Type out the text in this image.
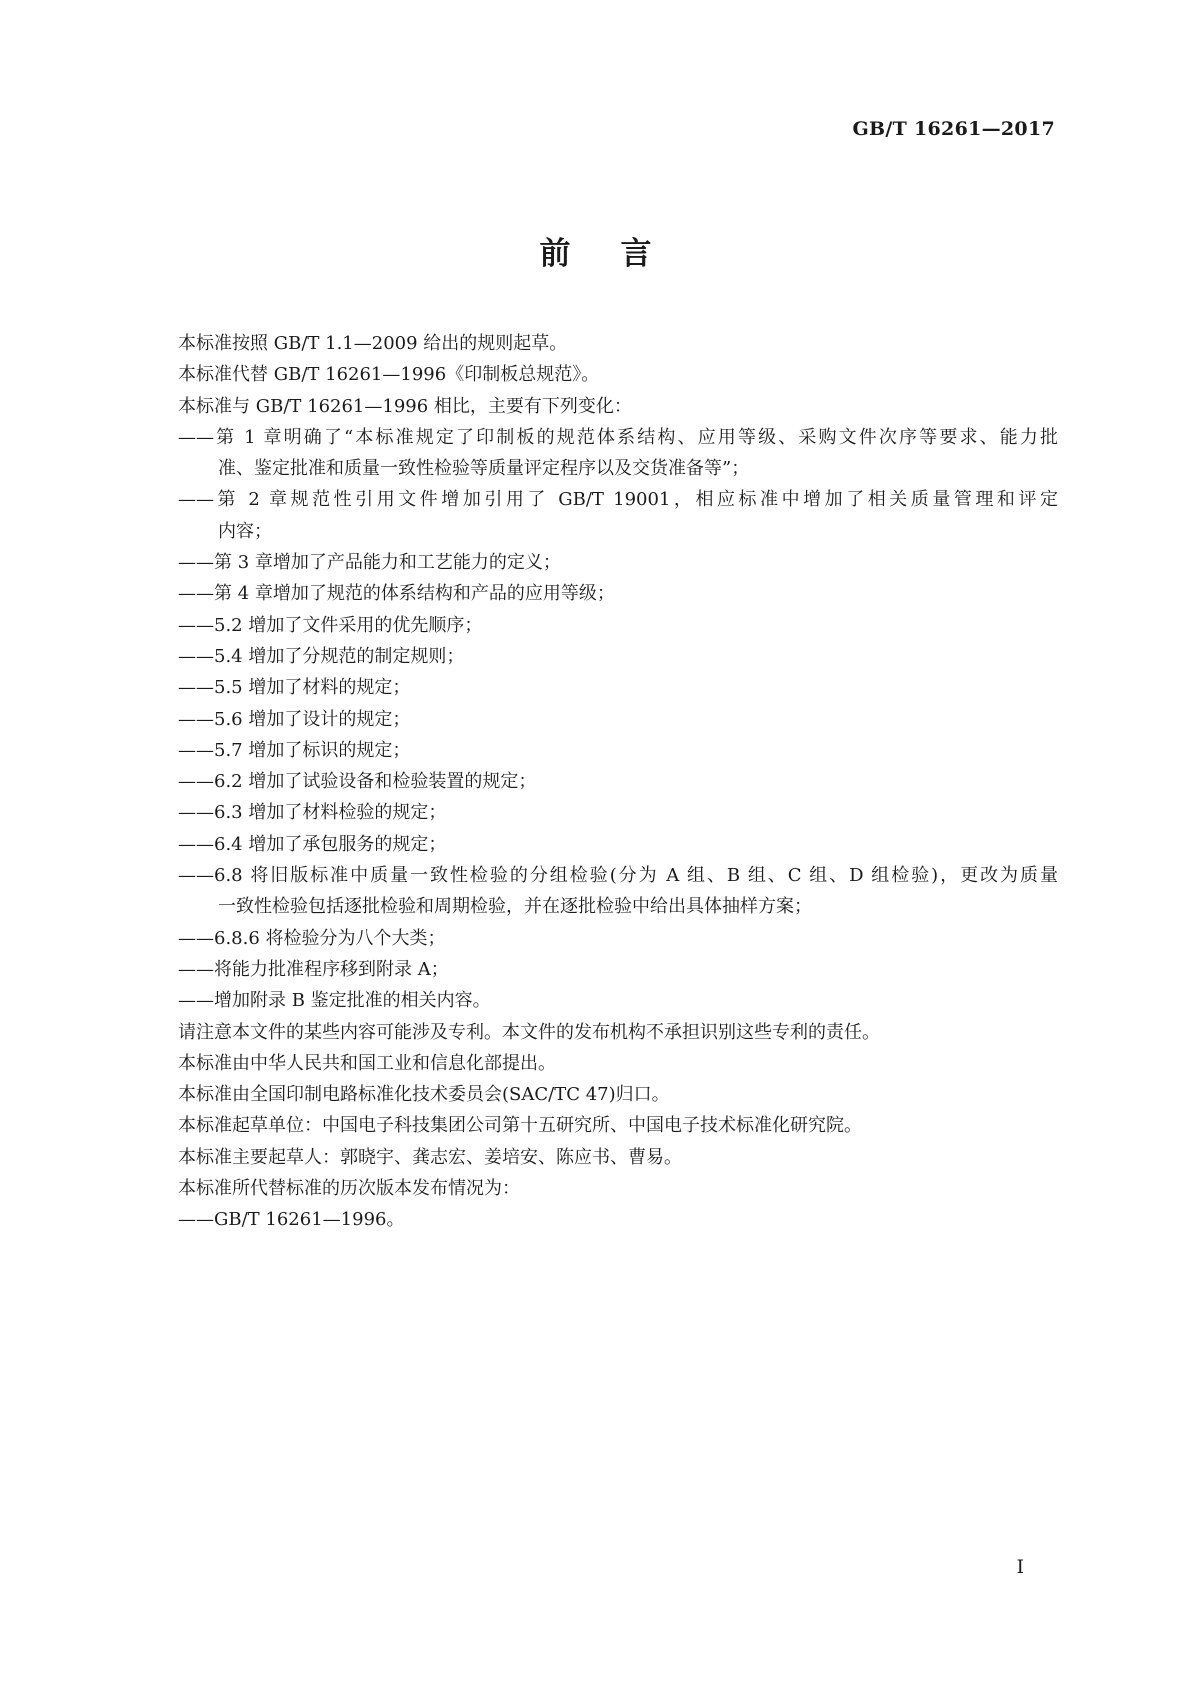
GB/T 16261—2017
前言
本标准按照 GB/T 1.1—2009 给出的规则起草。
本标准代替 GB/T 16261—1996《印制板总规范》。
本标准与 GB/T 16261—1996 相比，主要有下列变化：
——第 1 章明确了“本标准规定了印制板的规范体系结构、应用等级、采购文件次序等要求、能力批
准、鉴定批准和质量一致性检验等质量评定程序以及交货准备等”；
——第 2 章规范性引用文件增加引用了 GB/T 19001，相应标准中增加了相关质量管理和评定
内容；
——第 3 章增加了产品能力和工艺能力的定义；
——第 4 章增加了规范的体系结构和产品的应用等级；
——5.2 增加了文件采用的优先顺序；
——5.4 增加了分规范的制定规则；
——5.5 增加了材料的规定；
——5.6 增加了设计的规定；
——5.7 增加了标识的规定；
——6.2 增加了试验设备和检验装置的规定；
——6.3 增加了材料检验的规定；
——6.4 增加了承包服务的规定；
——6.8 将旧版标准中质量一致性检验的分组检验(分为 A 组、B 组、C 组、D 组检验)，更改为质量
一致性检验包括逐批检验和周期检验，并在逐批检验中给出具体抽样方案；
——6.8.6 将检验分为八个大类；
——将能力批准程序移到附录 A；
——增加附录 B 鉴定批准的相关内容。
请注意本文件的某些内容可能涉及专利。本文件的发布机构不承担识别这些专利的责任。
本标准由中华人民共和国工业和信息化部提出。
本标准由全国印制电路标准化技术委员会(SAC/TC 47)归口。
本标准起草单位：中国电子科技集团公司第十五研究所、中国电子技术标准化研究院。
本标准主要起草人：郭晓宇、龚志宏、姜培安、陈应书、曹易。
本标准所代替标准的历次版本发布情况为：
——GB/T 16261—1996。
I
